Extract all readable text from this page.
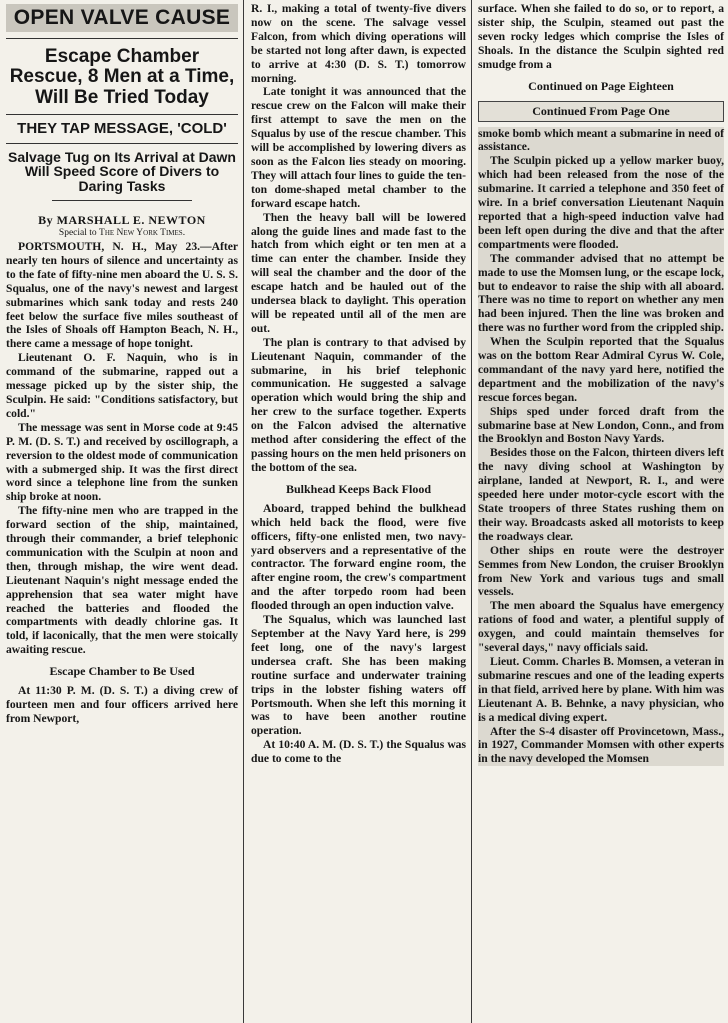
OPEN VALVE CAUSE
Escape Chamber Rescue, 8 Men at a Time, Will Be Tried Today
THEY TAP MESSAGE, 'COLD'
Salvage Tug on Its Arrival at Dawn Will Speed Score of Divers to Daring Tasks
By MARSHALL E. NEWTON
Special to The New York Times.

PORTSMOUTH, N. H., May 23.—After nearly ten hours of silence and uncertainty as to the fate of fifty-nine men aboard the U. S. S. Squalus, one of the navy's newest and largest submarines which sank today and rests 240 feet below the surface five miles southeast of the Isles of Shoals off Hampton Beach, N. H., there came a message of hope tonight.

Lieutenant O. F. Naquin, who is in command of the submarine, rapped out a message picked up by the sister ship, the Sculpin. He said: "Conditions satisfactory, but cold."

The message was sent in Morse code at 9:45 P. M. (D. S. T.) and received by oscillograph, a reversion to the oldest mode of communication with a submerged ship. It was the first direct word since a telephone line from the sunken ship broke at noon.

The fifty-nine men who are trapped in the forward section of the ship, maintained, through their commander, a brief telephonic communication with the Sculpin at noon and then, through mishap, the wire went dead. Lieutenant Naquin's night message ended the apprehension that sea water might have reached the batteries and flooded the compartments with deadly chlorine gas. It told, if laconically, that the men were stoically awaiting rescue.

Escape Chamber to Be Used

At 11:30 P. M. (D. S. T.) a diving crew of fourteen men and four officers arrived here from Newport,

R. I., making a total of twenty-five divers now on the scene. The salvage vessel Falcon, from which diving operations will be started not long after dawn, is expected to arrive at 4:30 (D. S. T.) tomorrow morning.

Late tonight it was announced that the rescue crew on the Falcon will make their first attempt to save the men on the Squalus by use of the rescue chamber. This will be accomplished by lowering divers as soon as the Falcon lies steady on mooring. They will attach four lines to guide the ten-ton dome-shaped metal chamber to the forward escape hatch.

Then the heavy ball will be lowered along the guide lines and made fast to the hatch from which eight or ten men at a time can enter the chamber. Inside they will seal the chamber and the door of the escape hatch and be hauled out of the undersea black to daylight. This operation will be repeated until all of the men are out.

The plan is contrary to that advised by Lieutenant Naquin, commander of the submarine, in his brief telephonic communication. He suggested a salvage operation which would bring the ship and her crew to the surface together. Experts on the Falcon advised the alternative method after considering the effect of the passing hours on the men held prisoners on the bottom of the sea.

Bulkhead Keeps Back Flood

Aboard, trapped behind the bulkhead which held back the flood, were five officers, fifty-one enlisted men, two navy-yard observers and a representative of the contractor. The forward engine room, the after engine room, the crew's compartment and the after torpedo room had been flooded through an open induction valve.

The Squalus, which was launched last September at the Navy Yard here, is 299 feet long, one of the navy's largest undersea craft. She has been making routine surface and underwater training trips in the lobster fishing waters off Portsmouth. When she left this morning it was to have been another routine operation.

At 10:40 A. M. (D. S. T.) the Squalus was due to come to the

surface. When she failed to do so, or to report, a sister ship, the Sculpin, steamed out past the seven rocky ledges which comprise the Isles of Shoals. In the distance the Sculpin sighted red smudge from a

Continued on Page Eighteen
Continued From Page One

smoke bomb which meant a submarine in need of assistance.

The Sculpin picked up a yellow marker buoy, which had been released from the nose of the submarine. It carried a telephone and 350 feet of wire. In a brief conversation Lieutenant Naquin reported that a high-speed induction valve had been left open during the dive and that the after compartments were flooded.

The commander advised that no attempt be made to use the Momsen lung, or the escape lock, but to endeavor to raise the ship with all aboard. There was no time to report on whether any men had been injured. Then the line was broken and there was no further word from the crippled ship.

When the Sculpin reported that the Squalus was on the bottom Rear Admiral Cyrus W. Cole, commandant of the navy yard here, notified the department and the mobilization of the navy's rescue forces began.

Ships sped under forced draft from the submarine base at New London, Conn., and from the Brooklyn and Boston Navy Yards.

Besides those on the Falcon, thirteen divers left the navy diving school at Washington by airplane, landed at Newport, R. I., and were speeded here under motor-cycle escort with the State troopers of three States rushing them on their way. Broadcasts asked all motorists to keep the roadways clear.

Other ships en route were the destroyer Semmes from New London, the cruiser Brooklyn from New York and various tugs and small vessels.

The men aboard the Squalus have emergency rations of food and water, a plentiful supply of oxygen, and could maintain themselves for "several days," navy officials said.

Lieut. Comm. Charles B. Momsen, a veteran in submarine rescues and one of the leading experts in that field, arrived here by plane. With him was Lieutenant A. B. Behnke, a navy physician, who is a medical diving expert.

After the S-4 disaster off Provincetown, Mass., in 1927, Commander Momsen with other experts in the navy developed the Momsen
